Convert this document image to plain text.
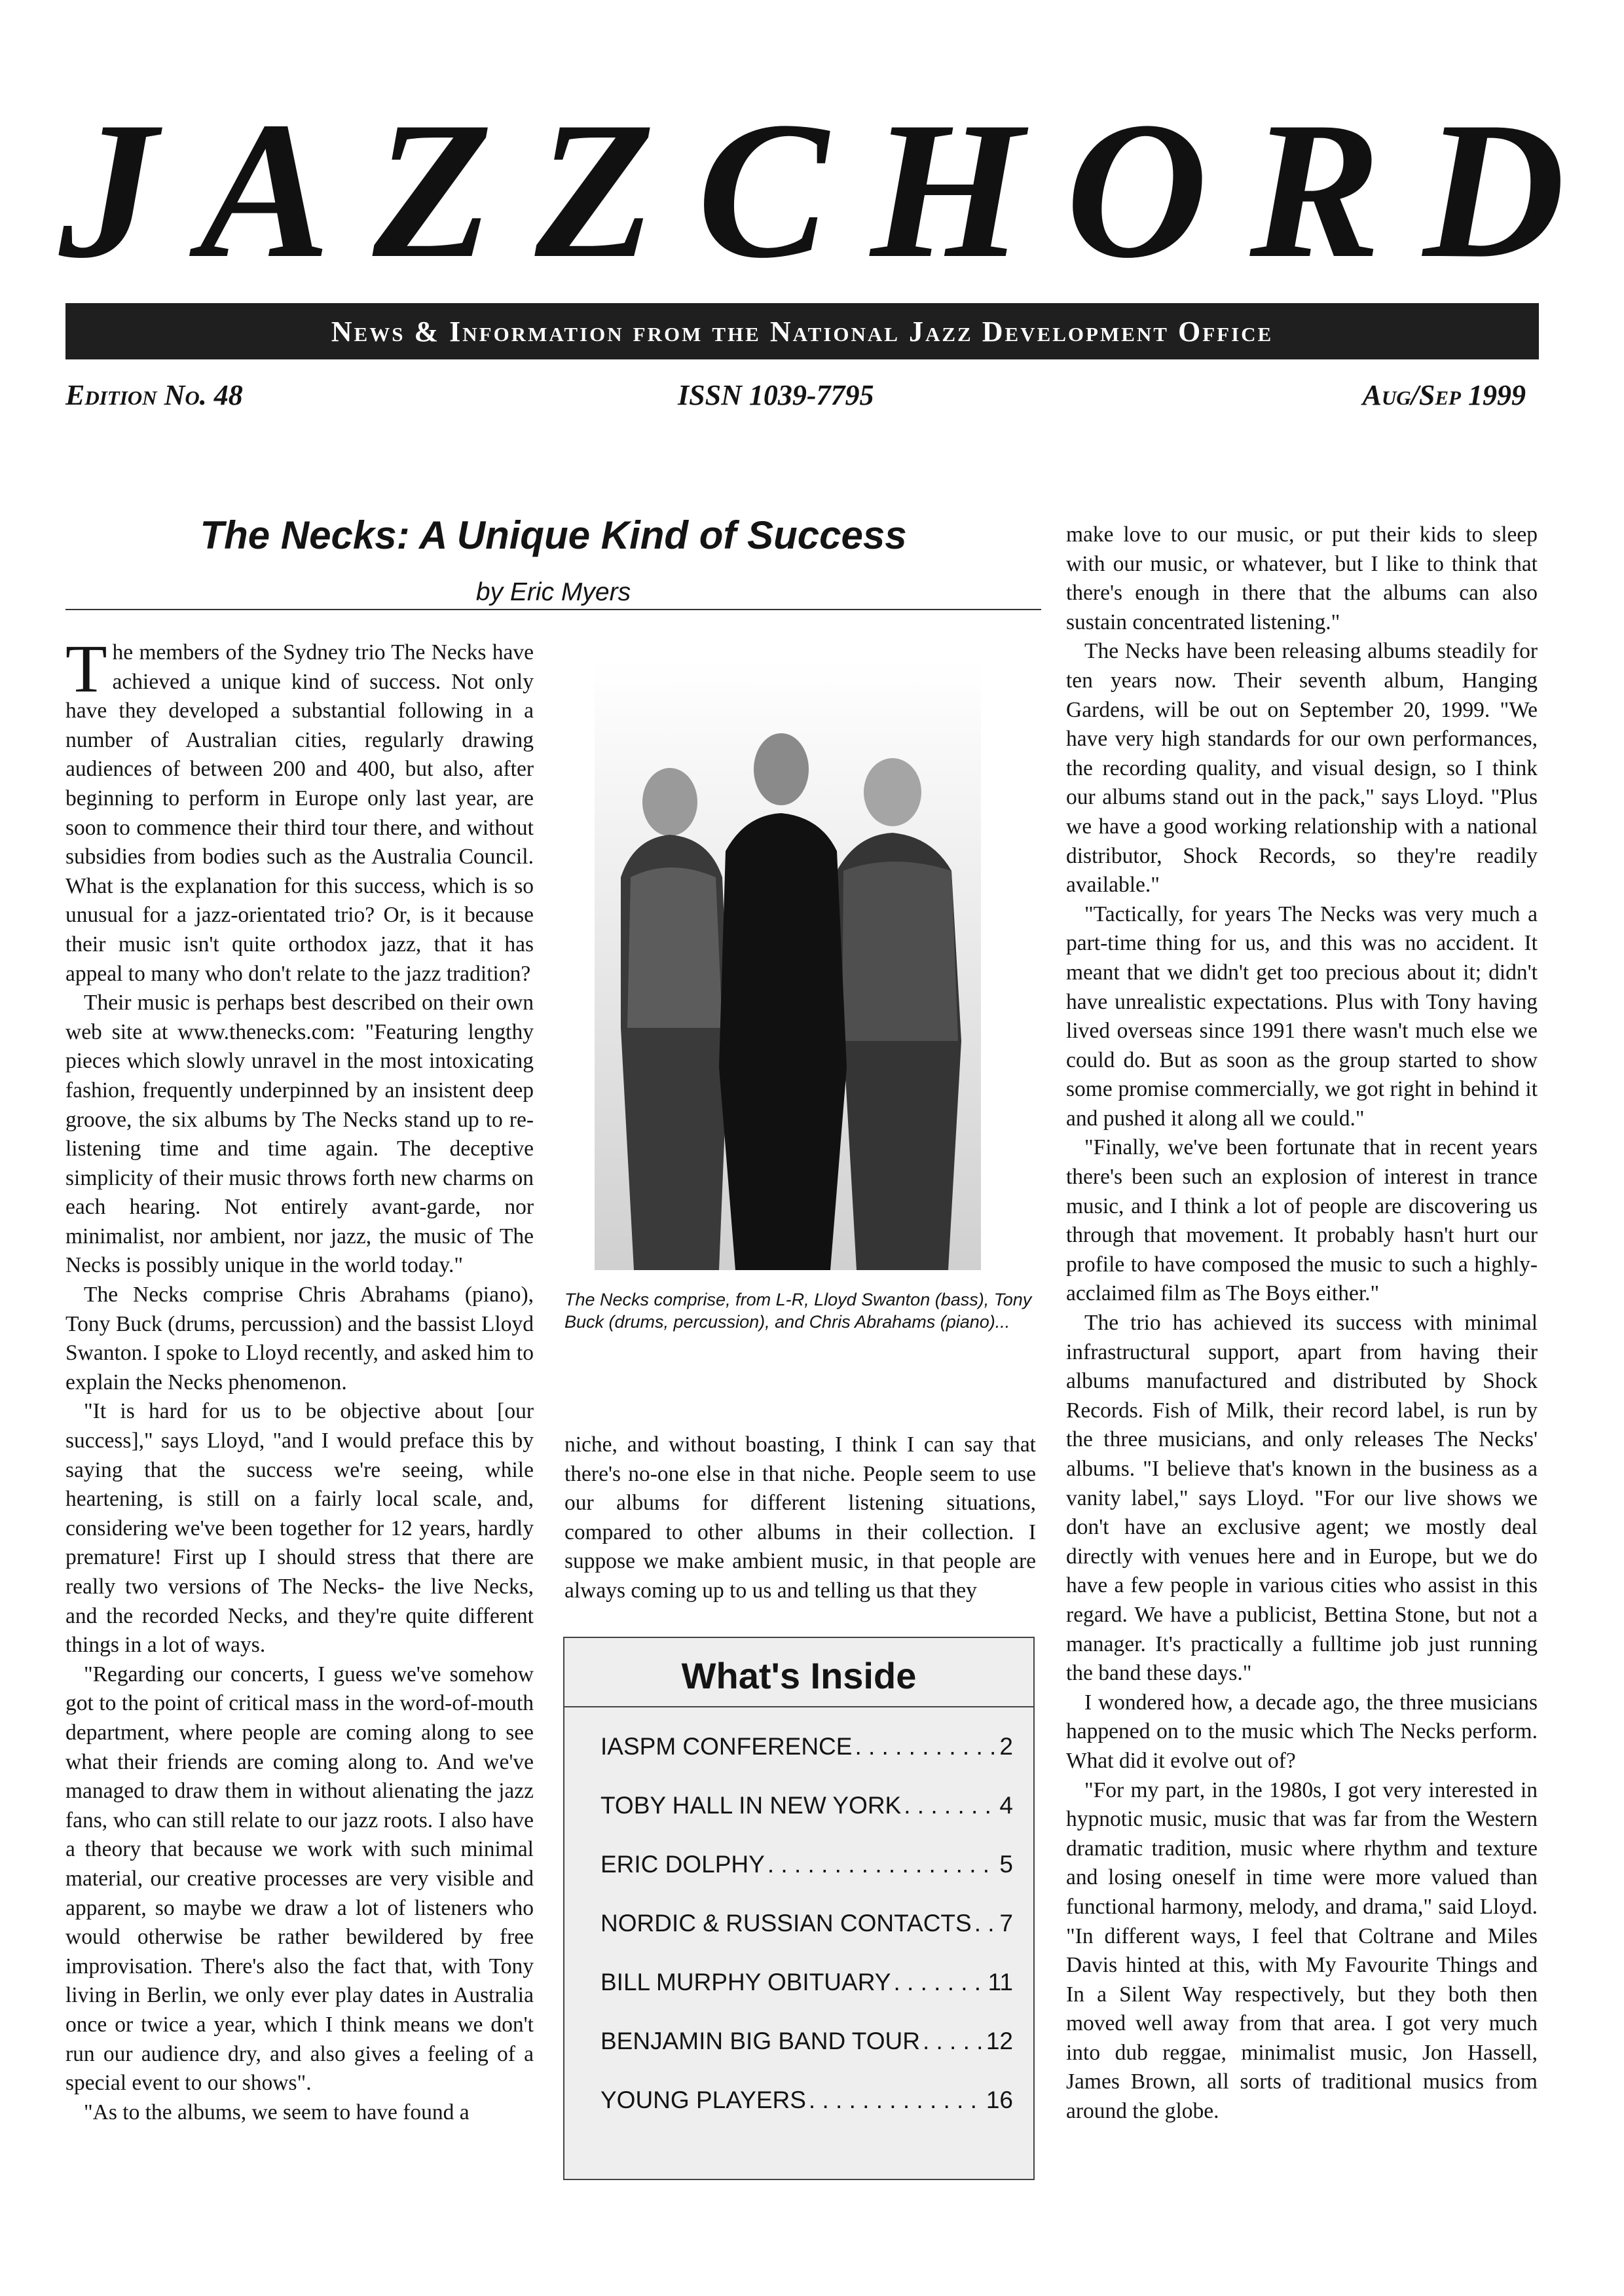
J A Z Z C H O R D
News & Information from the National Jazz Development Office
Edition No. 48	ISSN 1039-7795	Aug/Sep 1999
The Necks: A Unique Kind of Success
by Eric Myers

The members of the Sydney trio The Necks have achieved a unique kind of success. Not only have they developed a substantial following in a number of Australian cities, regularly drawing audiences of between 200 and 400, but also, after beginning to perform in Europe only last year, are soon to commence their third tour there, and without subsidies from bodies such as the Australia Council. What is the explanation for this success, which is so unusual for a jazz-orientated trio? Or, is it because their music isn't quite orthodox jazz, that it has appeal to many who don't relate to the jazz tradition?

Their music is perhaps best described on their own web site at www.thenecks.com: "Featuring lengthy pieces which slowly unravel in the most intoxicating fashion, frequently underpinned by an insistent deep groove, the six albums by The Necks stand up to re-listening time and time again. The deceptive simplicity of their music throws forth new charms on each hearing. Not entirely avant-garde, nor minimalist, nor ambient, nor jazz, the music of The Necks is possibly unique in the world today."

The Necks comprise Chris Abrahams (piano), Tony Buck (drums, percussion) and the bassist Lloyd Swanton. I spoke to Lloyd recently, and asked him to explain the Necks phenomenon.

"It is hard for us to be objective about [our success]," says Lloyd, "and I would preface this by saying that the success we're seeing, while heartening, is still on a fairly local scale, and, considering we've been together for 12 years, hardly premature! First up I should stress that there are really two versions of The Necks- the live Necks, and the recorded Necks, and they're quite different things in a lot of ways.

"Regarding our concerts, I guess we've somehow got to the point of critical mass in the word-of-mouth department, where people are coming along to see what their friends are coming along to. And we've managed to draw them in without alienating the jazz fans, who can still relate to our jazz roots. I also have a theory that because we work with such minimal material, our creative processes are very visible and apparent, so maybe we draw a lot of listeners who would otherwise be rather bewildered by free improvisation. There's also the fact that, with Tony living in Berlin, we only ever play dates in Australia once or twice a year, which I think means we don't run our audience dry, and also gives a feeling of a special event to our shows".

"As to the albums, we seem to have found a

The Necks comprise, from L-R, Lloyd Swanton (bass), Tony Buck (drums, percussion), and Chris Abrahams (piano)...

niche, and without boasting, I think I can say that there's no-one else in that niche. People seem to use our albums for different listening situations, compared to other albums in their collection. I suppose we make ambient music, in that people are always coming up to us and telling us that they

What's Inside
IASPM CONFERENCE . . .	2
TOBY HALL IN NEW YORK . . .	4
ERIC DOLPHY . . .	5
NORDIC & RUSSIAN CONTACTS . . . 7
BILL MURPHY OBITUARY . . .	11
BENJAMIN BIG BAND TOUR . . .	12
YOUNG PLAYERS . . .	16

make love to our music, or put their kids to sleep with our music, or whatever, but I like to think that there's enough in there that the albums can also sustain concentrated listening."

The Necks have been releasing albums steadily for ten years now. Their seventh album, Hanging Gardens, will be out on September 20, 1999. "We have very high standards for our own performances, the recording quality, and visual design, so I think our albums stand out in the pack," says Lloyd. "Plus we have a good working relationship with a national distributor, Shock Records, so they're readily available."

"Tactically, for years The Necks was very much a part-time thing for us, and this was no accident. It meant that we didn't get too precious about it; didn't have unrealistic expectations. Plus with Tony having lived overseas since 1991 there wasn't much else we could do. But as soon as the group started to show some promise commercially, we got right in behind it and pushed it along all we could."

"Finally, we've been fortunate that in recent years there's been such an explosion of interest in trance music, and I think a lot of people are discovering us through that movement. It probably hasn't hurt our profile to have composed the music to such a highly-acclaimed film as The Boys either."

The trio has achieved its success with minimal infrastructural support, apart from having their albums manufactured and distributed by Shock Records. Fish of Milk, their record label, is run by the three musicians, and only releases The Necks' albums. "I believe that's known in the business as a vanity label," says Lloyd. "For our live shows we don't have an exclusive agent; we mostly deal directly with venues here and in Europe, but we do have a few people in various cities who assist in this regard. We have a publicist, Bettina Stone, but not a manager. It's practically a fulltime job just running the band these days."

I wondered how, a decade ago, the three musicians happened on to the music which The Necks perform. What did it evolve out of?

"For my part, in the 1980s, I got very interested in hypnotic music, music that was far from the Western dramatic tradition, music where rhythm and texture and losing oneself in time were more valued than functional harmony, melody, and drama," said Lloyd. "In different ways, I feel that Coltrane and Miles Davis hinted at this, with My Favourite Things and In a Silent Way respectively, but they both then moved well away from that area. I got very much into dub reggae, minimalist music, Jon Hassell, James Brown, all sorts of traditional musics from around the globe.
